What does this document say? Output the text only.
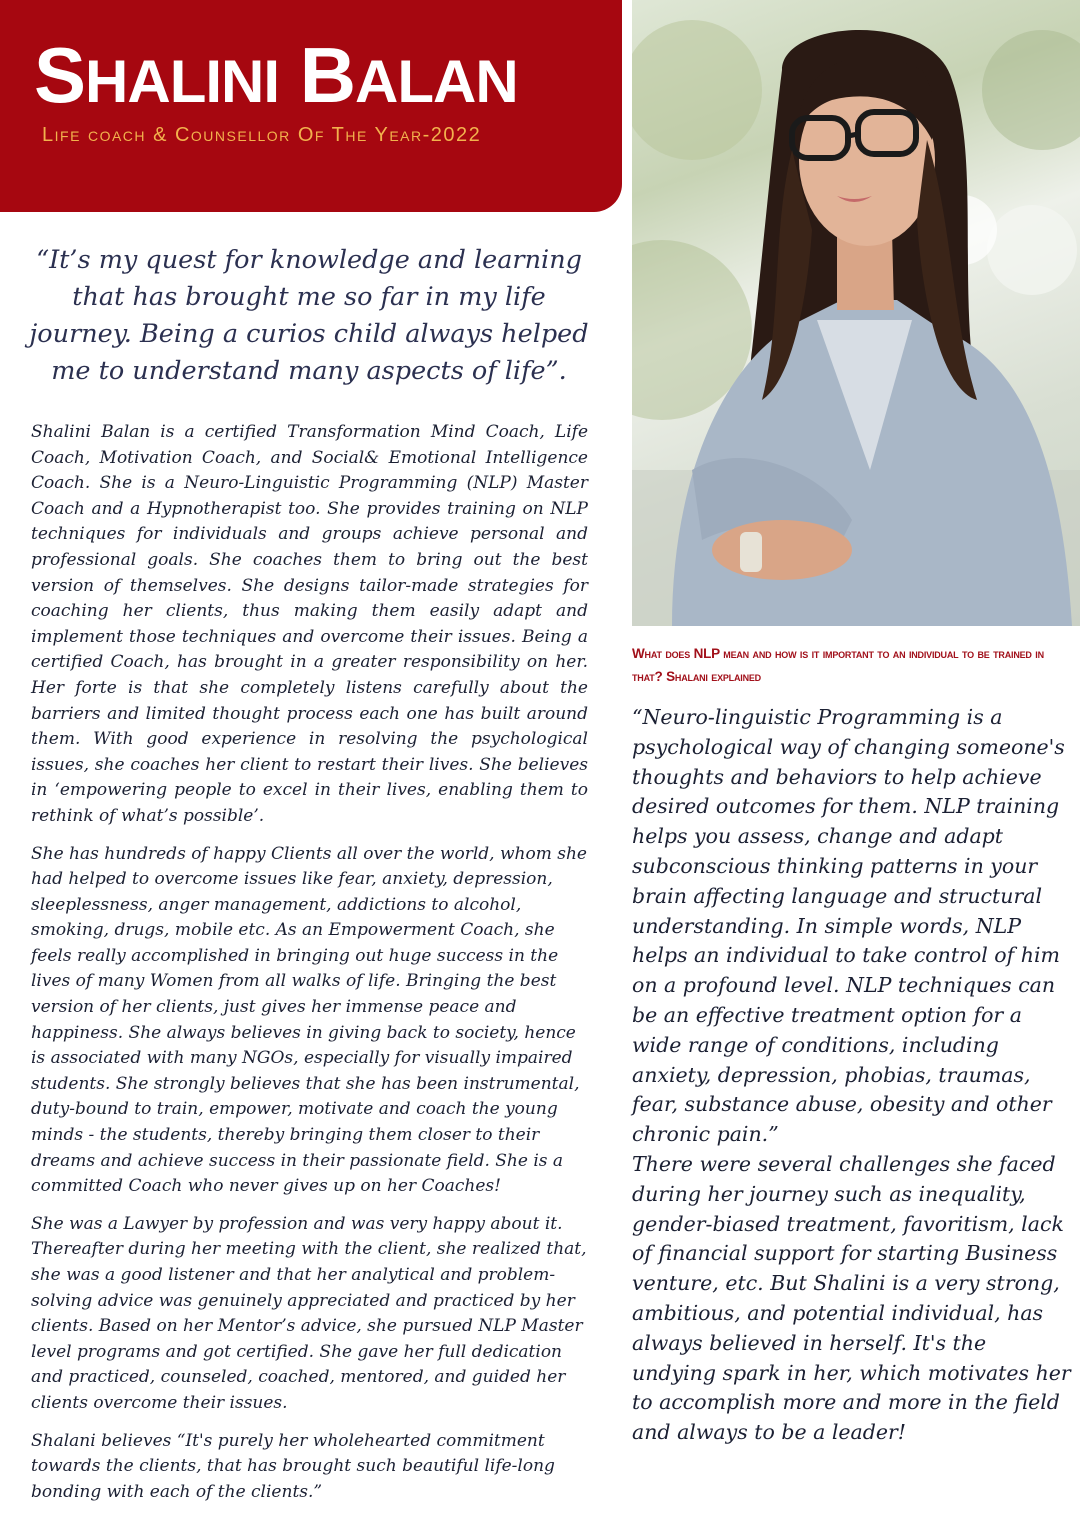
SHALINI BALAN
Life coach & Counsellor Of The Year-2022
“It’s my quest for knowledge and learning that has brought me so far in my life journey. Being a curios child always helped me to understand many aspects of life”.

Shalini Balan is a certified Transformation Mind Coach, Life Coach, Motivation Coach, and Social& Emotional Intelligence Coach. She is a Neuro-Linguistic Programming (NLP) Master Coach and a Hypnotherapist too. She provides training on NLP techniques for individuals and groups achieve personal and professional goals. She coaches them to bring out the best version of themselves. She designs tailor-made strategies for coaching her clients, thus making them easily adapt and implement those techniques and overcome their issues. Being a certified Coach, has brought in a greater responsibility on her. Her forte is that she completely listens carefully about the barriers and limited thought process each one has built around them. With good experience in resolving the psychological issues, she coaches her client to restart their lives. She believes in ‘empowering people to excel in their lives, enabling them to rethink of what’s possible’.

She has hundreds of happy Clients all over the world, whom she had helped to overcome issues like fear, anxiety, depression, sleeplessness, anger management, addictions to alcohol, smoking, drugs, mobile etc. As an Empowerment Coach, she feels really accomplished in bringing out huge success in the lives of many Women from all walks of life. Bringing the best version of her clients, just gives her immense peace and happiness. She always believes in giving back to society, hence is associated with many NGOs, especially for visually impaired students. She strongly believes that she has been instrumental, duty-bound to train, empower, motivate and coach the young minds - the students, thereby bringing them closer to their dreams and achieve success in their passionate field. She is a committed Coach who never gives up on her Coaches!

She was a Lawyer by profession and was very happy about it. Thereafter during her meeting with the client, she realized that, she was a good listener and that her analytical and problem-solving advice was genuinely appreciated and practiced by her clients. Based on her Mentor’s advice, she pursued NLP Master level programs and got certified. She gave her full dedication and practiced, counseled, coached, mentored, and guided her clients overcome their issues.

Shalani believes “It's purely her wholehearted commitment towards the clients, that has brought such beautiful life-long bonding with each of the clients.”

What does NLP mean and how is it important to an individual to be trained in that? Shalani explained

“Neuro-linguistic Programming is a psychological way of changing someone's thoughts and behaviors to help achieve desired outcomes for them. NLP training helps you assess, change and adapt subconscious thinking patterns in your brain affecting language and structural understanding. In simple words, NLP helps an individual to take control of him on a profound level. NLP techniques can be an effective treatment option for a wide range of conditions, including anxiety, depression, phobias, traumas, fear, substance abuse, obesity and other chronic pain.”

There were several challenges she faced during her journey such as inequality, gender-biased treatment, favoritism, lack of financial support for starting Business venture, etc. But Shalini is a very strong, ambitious, and potential individual, has always believed in herself. It's the undying spark in her, which motivates her to accomplish more and more in the field and always to be a leader!
